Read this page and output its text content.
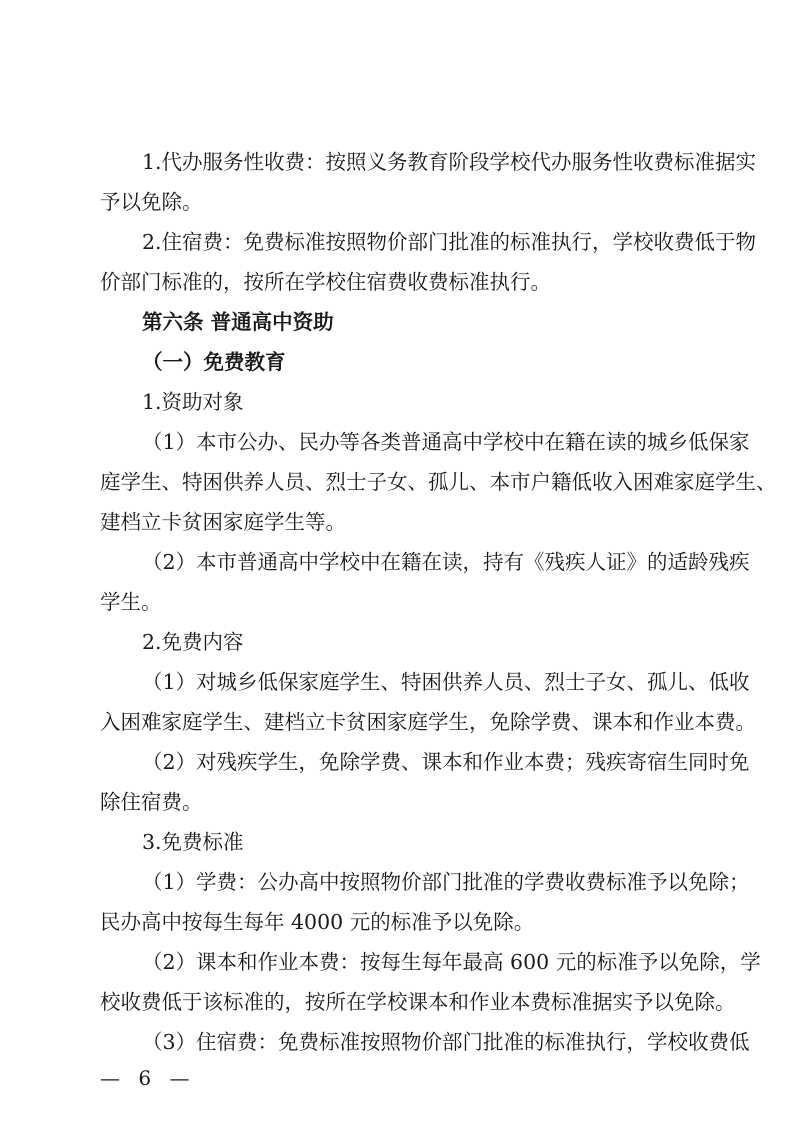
1.代办服务性收费：按照义务教育阶段学校代办服务性收费标准据实
予以免除。
2.住宿费：免费标准按照物价部门批准的标准执行，学校收费低于物
价部门标准的，按所在学校住宿费收费标准执行。
第六条 普通高中资助
（一）免费教育
1.资助对象
（1）本市公办、民办等各类普通高中学校中在籍在读的城乡低保家
庭学生、特困供养人员、烈士子女、孤儿、本市户籍低收入困难家庭学生、
建档立卡贫困家庭学生等。
（2）本市普通高中学校中在籍在读，持有《残疾人证》的适龄残疾
学生。
2.免费内容
（1）对城乡低保家庭学生、特困供养人员、烈士子女、孤儿、低收
入困难家庭学生、建档立卡贫困家庭学生，免除学费、课本和作业本费。
（2）对残疾学生，免除学费、课本和作业本费；残疾寄宿生同时免
除住宿费。
3.免费标准
（1）学费：公办高中按照物价部门批准的学费收费标准予以免除；
民办高中按每生每年 4000 元的标准予以免除。
（2）课本和作业本费：按每生每年最高 600 元的标准予以免除，学
校收费低于该标准的，按所在学校课本和作业本费标准据实予以免除。
（3）住宿费：免费标准按照物价部门批准的标准执行，学校收费低
— 6 —
